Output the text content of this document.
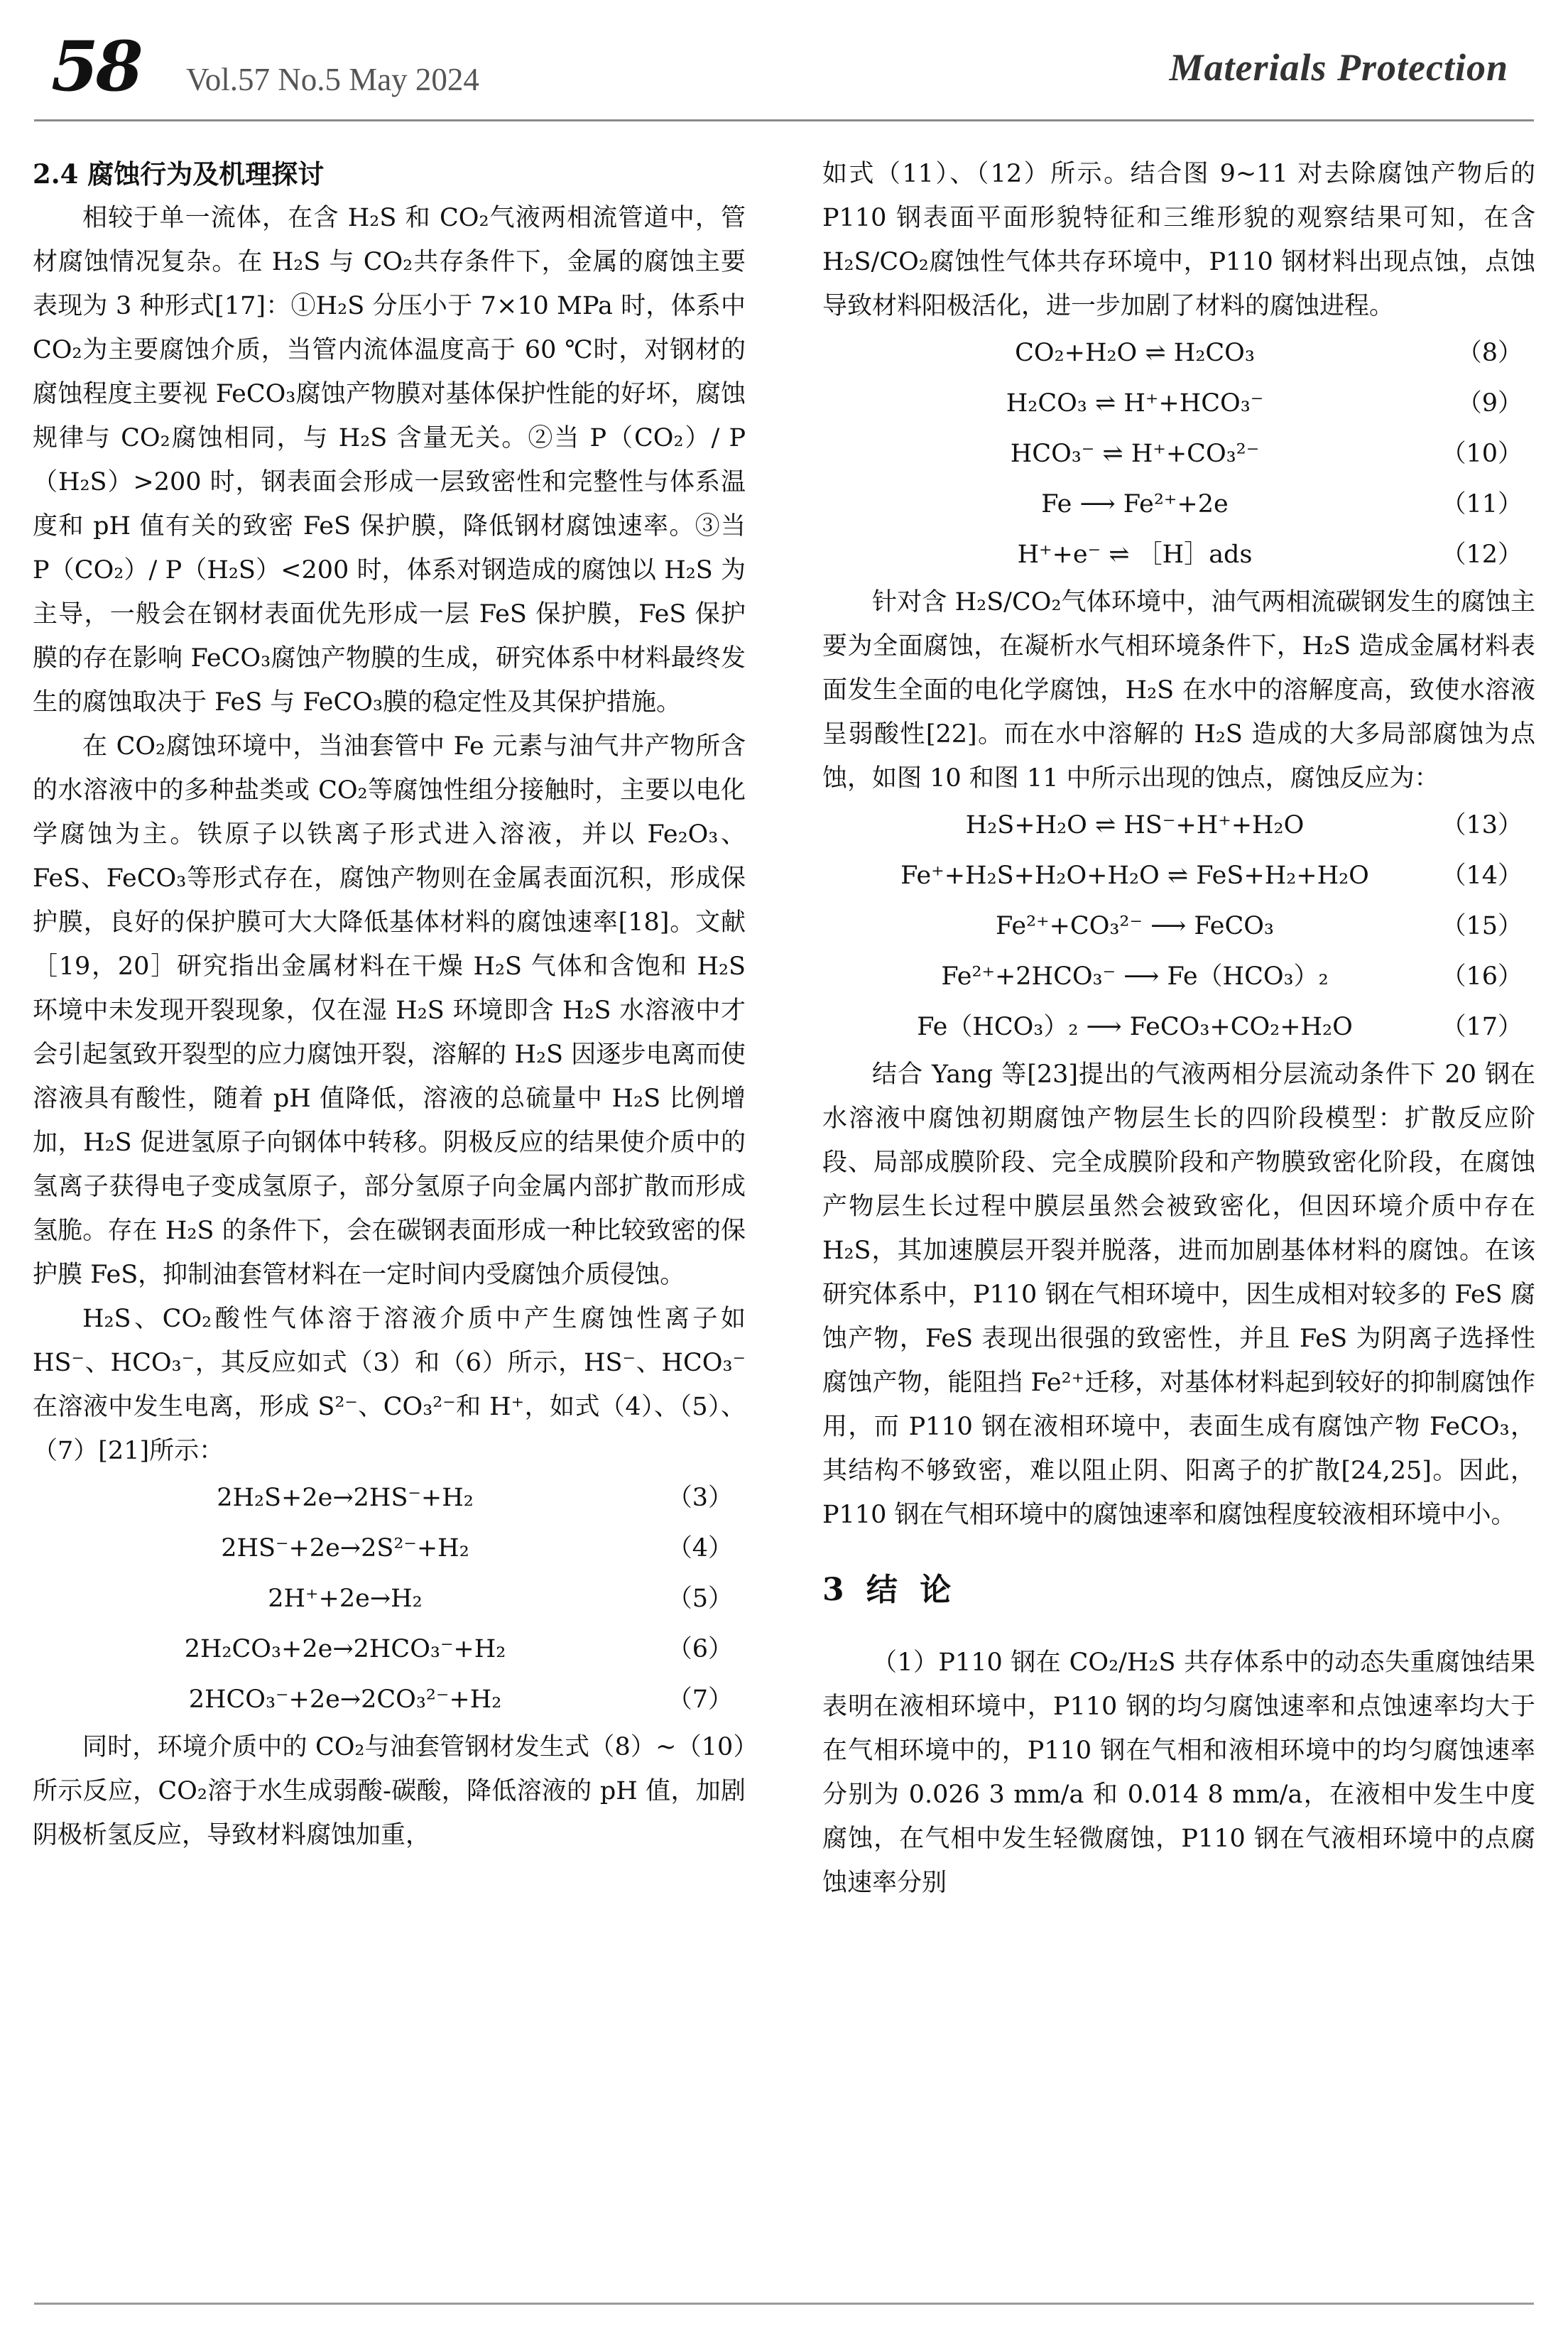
58 Vol.57 No.5 May 2024	Materials Protection

2.4 腐蚀行为及机理探讨

相较于单一流体，在含 H₂S 和 CO₂气液两相流管道中，管材腐蚀情况复杂。在 H₂S 与 CO₂共存条件下，金属的腐蚀主要表现为 3 种形式[17]：①H₂S 分压小于 7×10 MPa 时，体系中 CO₂为主要腐蚀介质，当管内流体温度高于 60 ℃时，对钢材的腐蚀程度主要视 FeCO₃腐蚀产物膜对基体保护性能的好坏，腐蚀规律与 CO₂腐蚀相同，与 H₂S 含量无关。②当 P（CO₂）/ P（H₂S）>200 时，钢表面会形成一层致密性和完整性与体系温度和 pH 值有关的致密 FeS 保护膜，降低钢材腐蚀速率。③当 P（CO₂）/ P（H₂S）<200 时，体系对钢造成的腐蚀以 H₂S 为主导，一般会在钢材表面优先形成一层 FeS 保护膜，FeS 保护膜的存在影响 FeCO₃腐蚀产物膜的生成，研究体系中材料最终发生的腐蚀取决于 FeS 与 FeCO₃膜的稳定性及其保护措施。

在 CO₂腐蚀环境中，当油套管中 Fe 元素与油气井产物所含的水溶液中的多种盐类或 CO₂等腐蚀性组分接触时，主要以电化学腐蚀为主。铁原子以铁离子形式进入溶液，并以 Fe₂O₃、FeS、FeCO₃等形式存在，腐蚀产物则在金属表面沉积，形成保护膜，良好的保护膜可大大降低基体材料的腐蚀速率[18]。文献［19，20］研究指出金属材料在干燥 H₂S 气体和含饱和 H₂S 环境中未发现开裂现象，仅在湿 H₂S 环境即含 H₂S 水溶液中才会引起氢致开裂型的应力腐蚀开裂，溶解的 H₂S 因逐步电离而使溶液具有酸性，随着 pH 值降低，溶液的总硫量中 H₂S 比例增加，H₂S 促进氢原子向钢体中转移。阴极反应的结果使介质中的氢离子获得电子变成氢原子，部分氢原子向金属内部扩散而形成氢脆。存在 H₂S 的条件下，会在碳钢表面形成一种比较致密的保护膜 FeS，抑制油套管材料在一定时间内受腐蚀介质侵蚀。

H₂S、CO₂酸性气体溶于溶液介质中产生腐蚀性离子如 HS⁻、HCO₃⁻，其反应如式（3）和（6）所示，HS⁻、HCO₃⁻在溶液中发生电离，形成 S²⁻、CO₃²⁻和 H⁺，如式（4）、（5）、（7）[21]所示：

2H₂S+2e→2HS⁻+H₂	（3）
2HS⁻+2e→2S²⁻+H₂	（4）
2H⁺+2e→H₂	（5）
2H₂CO₃+2e→2HCO₃⁻+H₂	（6）
2HCO₃⁻+2e→2CO₃²⁻+H₂	（7）

同时，环境介质中的 CO₂与油套管钢材发生式（8）~（10）所示反应，CO₂溶于水生成弱酸-碳酸，降低溶液的 pH 值，加剧阴极析氢反应，导致材料腐蚀加重，

如式（11）、（12）所示。结合图 9~11 对去除腐蚀产物后的 P110 钢表面平面形貌特征和三维形貌的观察结果可知，在含 H₂S/CO₂腐蚀性气体共存环境中，P110 钢材料出现点蚀，点蚀导致材料阳极活化，进一步加剧了材料的腐蚀进程。

CO₂+H₂O ⇌ H₂CO₃	（8）
H₂CO₃ ⇌ H⁺+HCO₃⁻	（9）
HCO₃⁻ ⇌ H⁺+CO₃²⁻	（10）
Fe ⟶ Fe²⁺+2e	（11）
H⁺+e⁻ ⇌ ［H］ads	（12）

针对含 H₂S/CO₂气体环境中，油气两相流碳钢发生的腐蚀主要为全面腐蚀，在凝析水气相环境条件下，H₂S 造成金属材料表面发生全面的电化学腐蚀，H₂S 在水中的溶解度高，致使水溶液呈弱酸性[22]。而在水中溶解的 H₂S 造成的大多局部腐蚀为点蚀，如图 10 和图 11 中所示出现的蚀点，腐蚀反应为：

H₂S+H₂O ⇌ HS⁻+H⁺+H₂O	（13）
Fe⁺+H₂S+H₂O+H₂O ⇌ FeS+H₂+H₂O	（14）
Fe²⁺+CO₃²⁻ ⟶ FeCO₃	（15）
Fe²⁺+2HCO₃⁻ ⟶ Fe（HCO₃）₂	（16）
Fe（HCO₃）₂ ⟶ FeCO₃+CO₂+H₂O	（17）

结合 Yang 等[23]提出的气液两相分层流动条件下 20 钢在水溶液中腐蚀初期腐蚀产物层生长的四阶段模型：扩散反应阶段、局部成膜阶段、完全成膜阶段和产物膜致密化阶段，在腐蚀产物层生长过程中膜层虽然会被致密化，但因环境介质中存在 H₂S，其加速膜层开裂并脱落，进而加剧基体材料的腐蚀。在该研究体系中，P110 钢在气相环境中，因生成相对较多的 FeS 腐蚀产物，FeS 表现出很强的致密性，并且 FeS 为阴离子选择性腐蚀产物，能阻挡 Fe²⁺迁移，对基体材料起到较好的抑制腐蚀作用，而 P110 钢在液相环境中，表面生成有腐蚀产物 FeCO₃，其结构不够致密，难以阻止阴、阳离子的扩散[24,25]。因此，P110 钢在气相环境中的腐蚀速率和腐蚀程度较液相环境中小。

3 结 论

（1）P110 钢在 CO₂/H₂S 共存体系中的动态失重腐蚀结果表明在液相环境中，P110 钢的均匀腐蚀速率和点蚀速率均大于在气相环境中的，P110 钢在气相和液相环境中的均匀腐蚀速率分别为 0.026 3 mm/a 和 0.014 8 mm/a，在液相中发生中度腐蚀，在气相中发生轻微腐蚀，P110 钢在气液相环境中的点腐蚀速率分别
